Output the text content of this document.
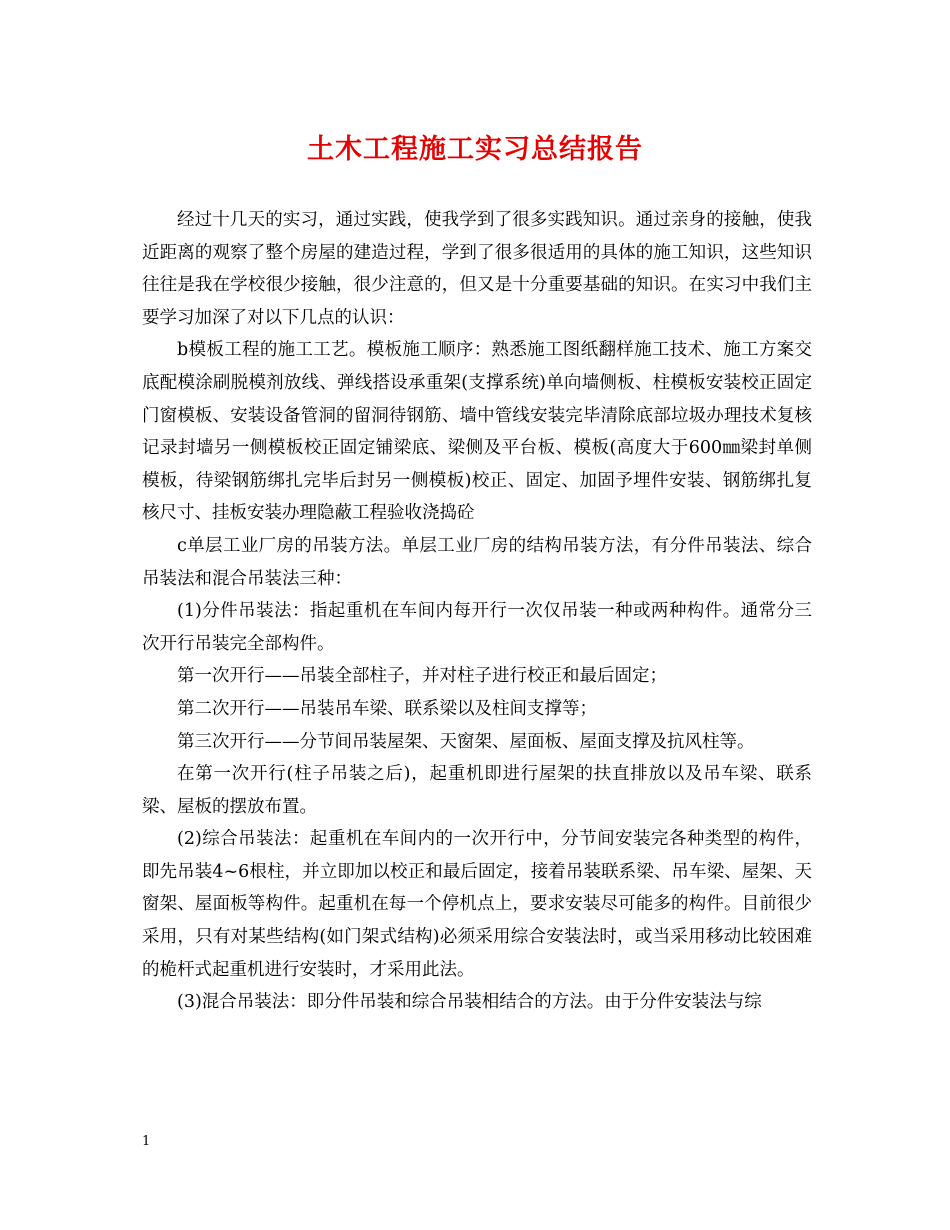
土木工程施工实习总结报告

经过十几天的实习，通过实践，使我学到了很多实践知识。通过亲身的接触，使我近距离的观察了整个房屋的建造过程，学到了很多很适用的具体的施工知识，这些知识往往是我在学校很少接触，很少注意的，但又是十分重要基础的知识。在实习中我们主要学习加深了对以下几点的认识：

b模板工程的施工工艺。模板施工顺序：熟悉施工图纸翻样施工技术、施工方案交底配模涂刷脱模剂放线、弹线搭设承重架(支撑系统)单向墙侧板、柱模板安装校正固定门窗模板、安装设备管洞的留洞待钢筋、墙中管线安装完毕清除底部垃圾办理技术复核记录封墙另一侧模板校正固定铺梁底、梁侧及平台板、模板(高度大于600㎜梁封单侧模板，待梁钢筋绑扎完毕后封另一侧模板)校正、固定、加固予埋件安装、钢筋绑扎复核尺寸、挂板安装办理隐蔽工程验收浇捣砼

c单层工业厂房的吊装方法。单层工业厂房的结构吊装方法，有分件吊装法、综合吊装法和混合吊装法三种：

(1)分件吊装法：指起重机在车间内每开行一次仅吊装一种或两种构件。通常分三次开行吊装完全部构件。

第一次开行——吊装全部柱子，并对柱子进行校正和最后固定；

第二次开行——吊装吊车梁、联系梁以及柱间支撑等；

第三次开行——分节间吊装屋架、天窗架、屋面板、屋面支撑及抗风柱等。

在第一次开行(柱子吊装之后)，起重机即进行屋架的扶直排放以及吊车梁、联系梁、屋板的摆放布置。

(2)综合吊装法：起重机在车间内的一次开行中，分节间安装完各种类型的构件，即先吊装4~6根柱，并立即加以校正和最后固定，接着吊装联系梁、吊车梁、屋架、天窗架、屋面板等构件。起重机在每一个停机点上，要求安装尽可能多的构件。目前很少采用，只有对某些结构(如门架式结构)必须采用综合安装法时，或当采用移动比较困难的桅杆式起重机进行安装时，才采用此法。

(3)混合吊装法：即分件吊装和综合吊装相结合的方法。由于分件安装法与综

1
